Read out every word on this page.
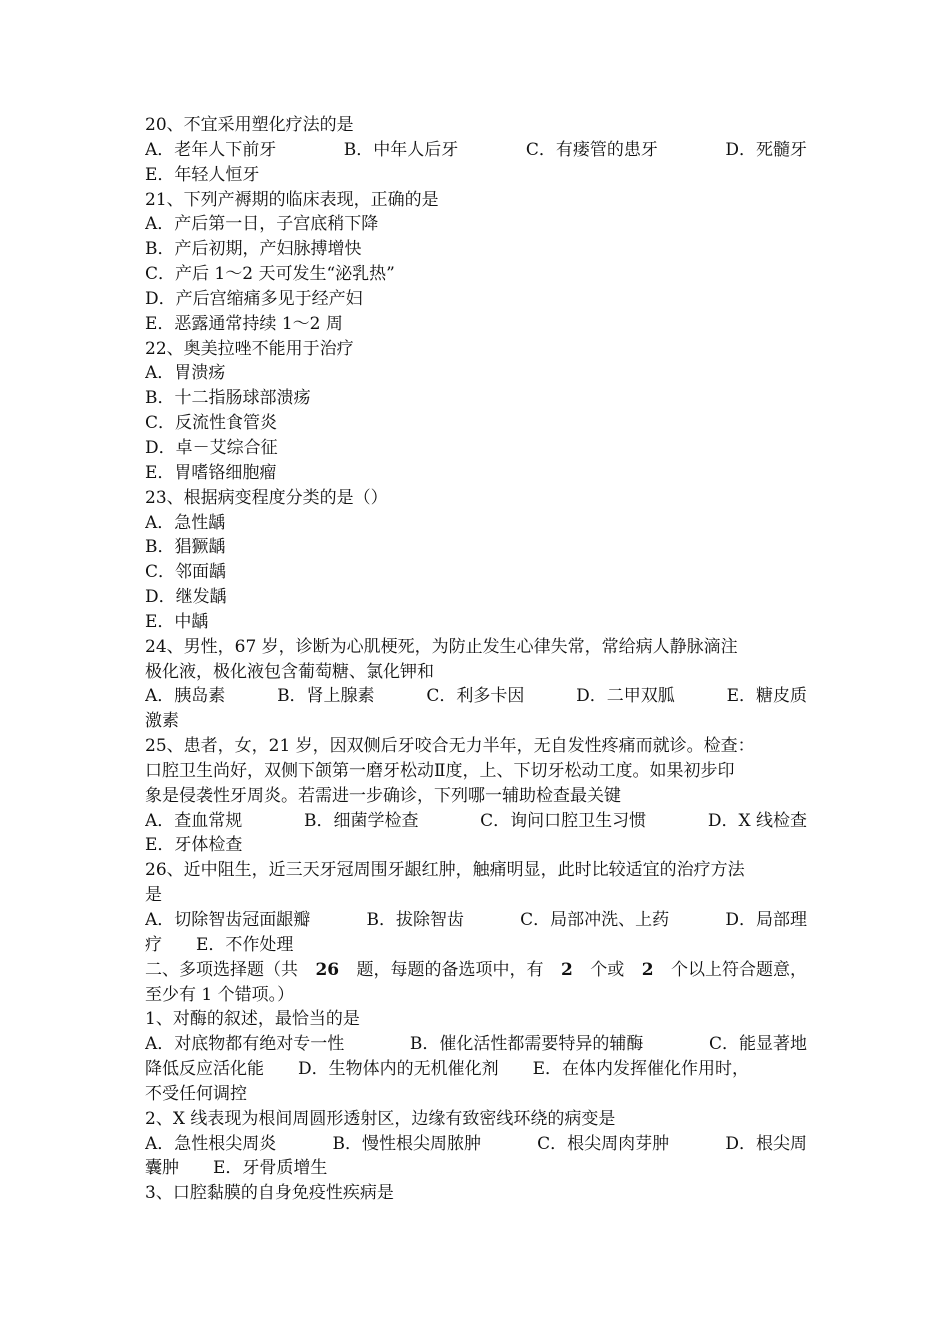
20、不宜采用塑化疗法的是
A．老年人下前牙	B．中年人后牙	C．有瘘管的患牙	D．死髓牙
E．年轻人恒牙
21、下列产褥期的临床表现，正确的是
A．产后第一日，子宫底稍下降
B．产后初期，产妇脉搏增快
C．产后 1～2 天可发生“泌乳热”
D．产后宫缩痛多见于经产妇
E．恶露通常持续 1～2 周
22、奥美拉唑不能用于治疗
A．胃溃疡
B．十二指肠球部溃疡
C．反流性食管炎
D．卓－艾综合征
E．胃嗜铬细胞瘤
23、根据病变程度分类的是（）
A．急性龋
B．猖獗龋
C．邻面龋
D．继发龋
E．中龋
24、男性，67 岁，诊断为心肌梗死，为防止发生心律失常，常给病人静脉滴注
极化液，极化液包含葡萄糖、氯化钾和
A．胰岛素	B．肾上腺素	C．利多卡因	D．二甲双胍	E．糖皮质
激素
25、患者，女，21 岁，因双侧后牙咬合无力半年，无自发性疼痛而就诊。检查：
口腔卫生尚好，双侧下颌第一磨牙松动Ⅱ度，上、下切牙松动工度。如果初步印
象是侵袭性牙周炎。若需进一步确诊，下列哪一辅助检查最关键
A．查血常规	B．细菌学检查	C．询问口腔卫生习惯	D．X 线检查
E．牙体检查
26、近中阻生，近三天牙冠周围牙龈红肿，触痛明显，此时比较适宜的治疗方法
是
A．切除智齿冠面龈瓣	B．拔除智齿	C．局部冲洗、上药	D．局部理
疗　　E．不作处理
二、多项选择题（共 26 题，每题的备选项中，有 2 个或 2 个以上符合题意，
至少有 1 个错项。）
1、对酶的叙述，最恰当的是
A．对底物都有绝对专一性	B．催化活性都需要特异的辅酶	C．能显著地
降低反应活化能　　D．生物体内的无机催化剂　　E．在体内发挥催化作用时，
不受任何调控
2、X 线表现为根间周圆形透射区，边缘有致密线环绕的病变是
A．急性根尖周炎	B．慢性根尖周脓肿	C．根尖周肉芽肿	D．根尖周
囊肿　　E．牙骨质增生
3、口腔黏膜的自身免疫性疾病是
